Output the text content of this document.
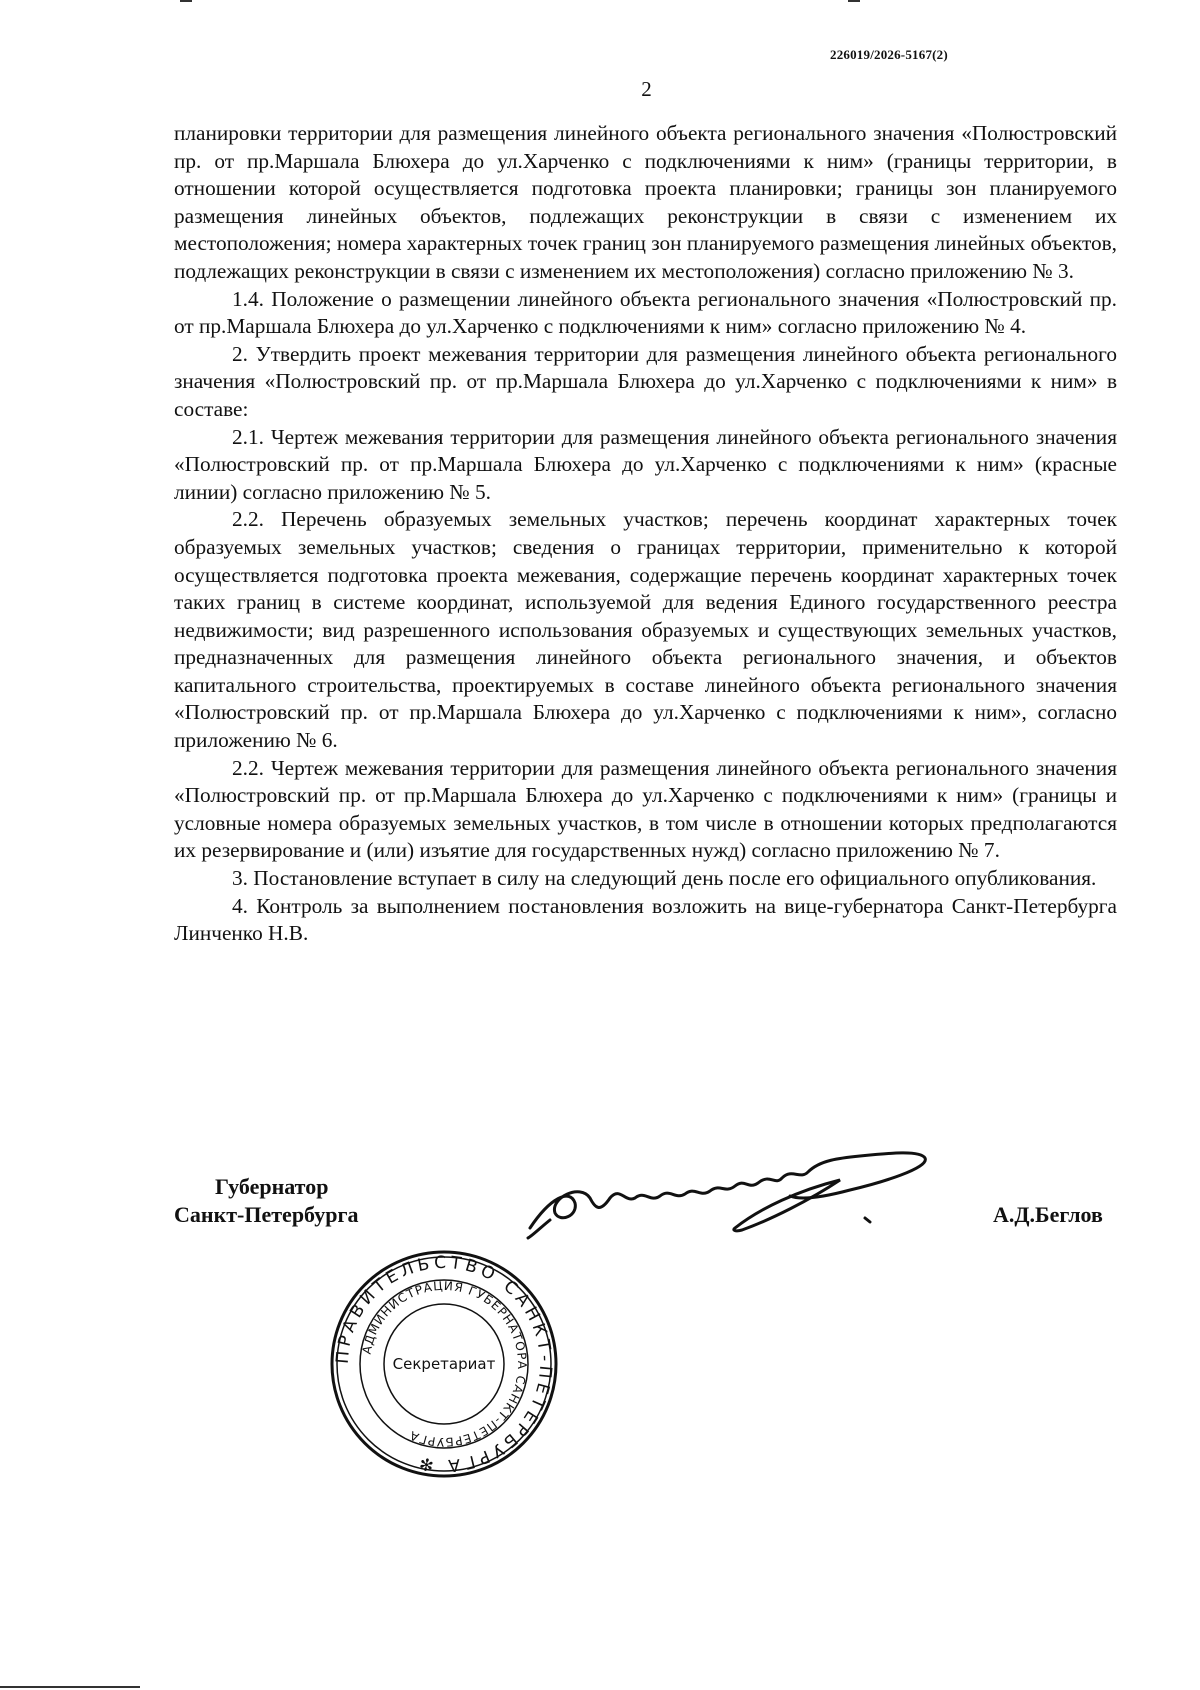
226019/2026-5167(2)
2

планировки территории для размещения линейного объекта регионального значения «Полюстровский пр. от пр.Маршала Блюхера до ул.Харченко с подключениями к ним» (границы территории, в отношении которой осуществляется подготовка проекта планировки; границы зон планируемого размещения линейных объектов, подлежащих реконструкции в связи с изменением их местоположения; номера характерных точек границ зон планируемого размещения линейных объектов, подлежащих реконструкции в связи с изменением их местоположения) согласно приложению № 3.

1.4. Положение о размещении линейного объекта регионального значения «Полюстровский пр. от пр.Маршала Блюхера до ул.Харченко с подключениями к ним» согласно приложению № 4.

2. Утвердить проект межевания территории для размещения линейного объекта регионального значения «Полюстровский пр. от пр.Маршала Блюхера до ул.Харченко с подключениями к ним» в составе:

2.1. Чертеж межевания территории для размещения линейного объекта регионального значения «Полюстровский пр. от пр.Маршала Блюхера до ул.Харченко с подключениями к ним» (красные линии) согласно приложению № 5.

2.2. Перечень образуемых земельных участков; перечень координат характерных точек образуемых земельных участков; сведения о границах территории, применительно к которой осуществляется подготовка проекта межевания, содержащие перечень координат характерных точек таких границ в системе координат, используемой для ведения Единого государственного реестра недвижимости; вид разрешенного использования образуемых и существующих земельных участков, предназначенных для размещения линейного объекта регионального значения, и объектов капитального строительства, проектируемых в составе линейного объекта регионального значения «Полюстровский пр. от пр.Маршала Блюхера до ул.Харченко с подключениями к ним», согласно приложению № 6.

2.2. Чертеж межевания территории для размещения линейного объекта регионального значения «Полюстровский пр. от пр.Маршала Блюхера до ул.Харченко с подключениями к ним» (границы и условные номера образуемых земельных участков, в том числе в отношении которых предполагаются их резервирование и (или) изъятие для государственных нужд) согласно приложению № 7.

3. Постановление вступает в силу на следующий день после его официального опубликования.

4. Контроль за выполнением постановления возложить на вице-губернатора Санкт-Петербурга Линченко Н.В.

Губернатор
Санкт-Петербурга	А.Д.Беглов
ПРАВИТЕЛЬСТВО САНКТ-ПЕТЕРБУРГА ✻
АДМИНИСТРАЦИЯ ГУБЕРНАТОРА САНКТ-ПЕТЕРБУРГА
Секретариат
